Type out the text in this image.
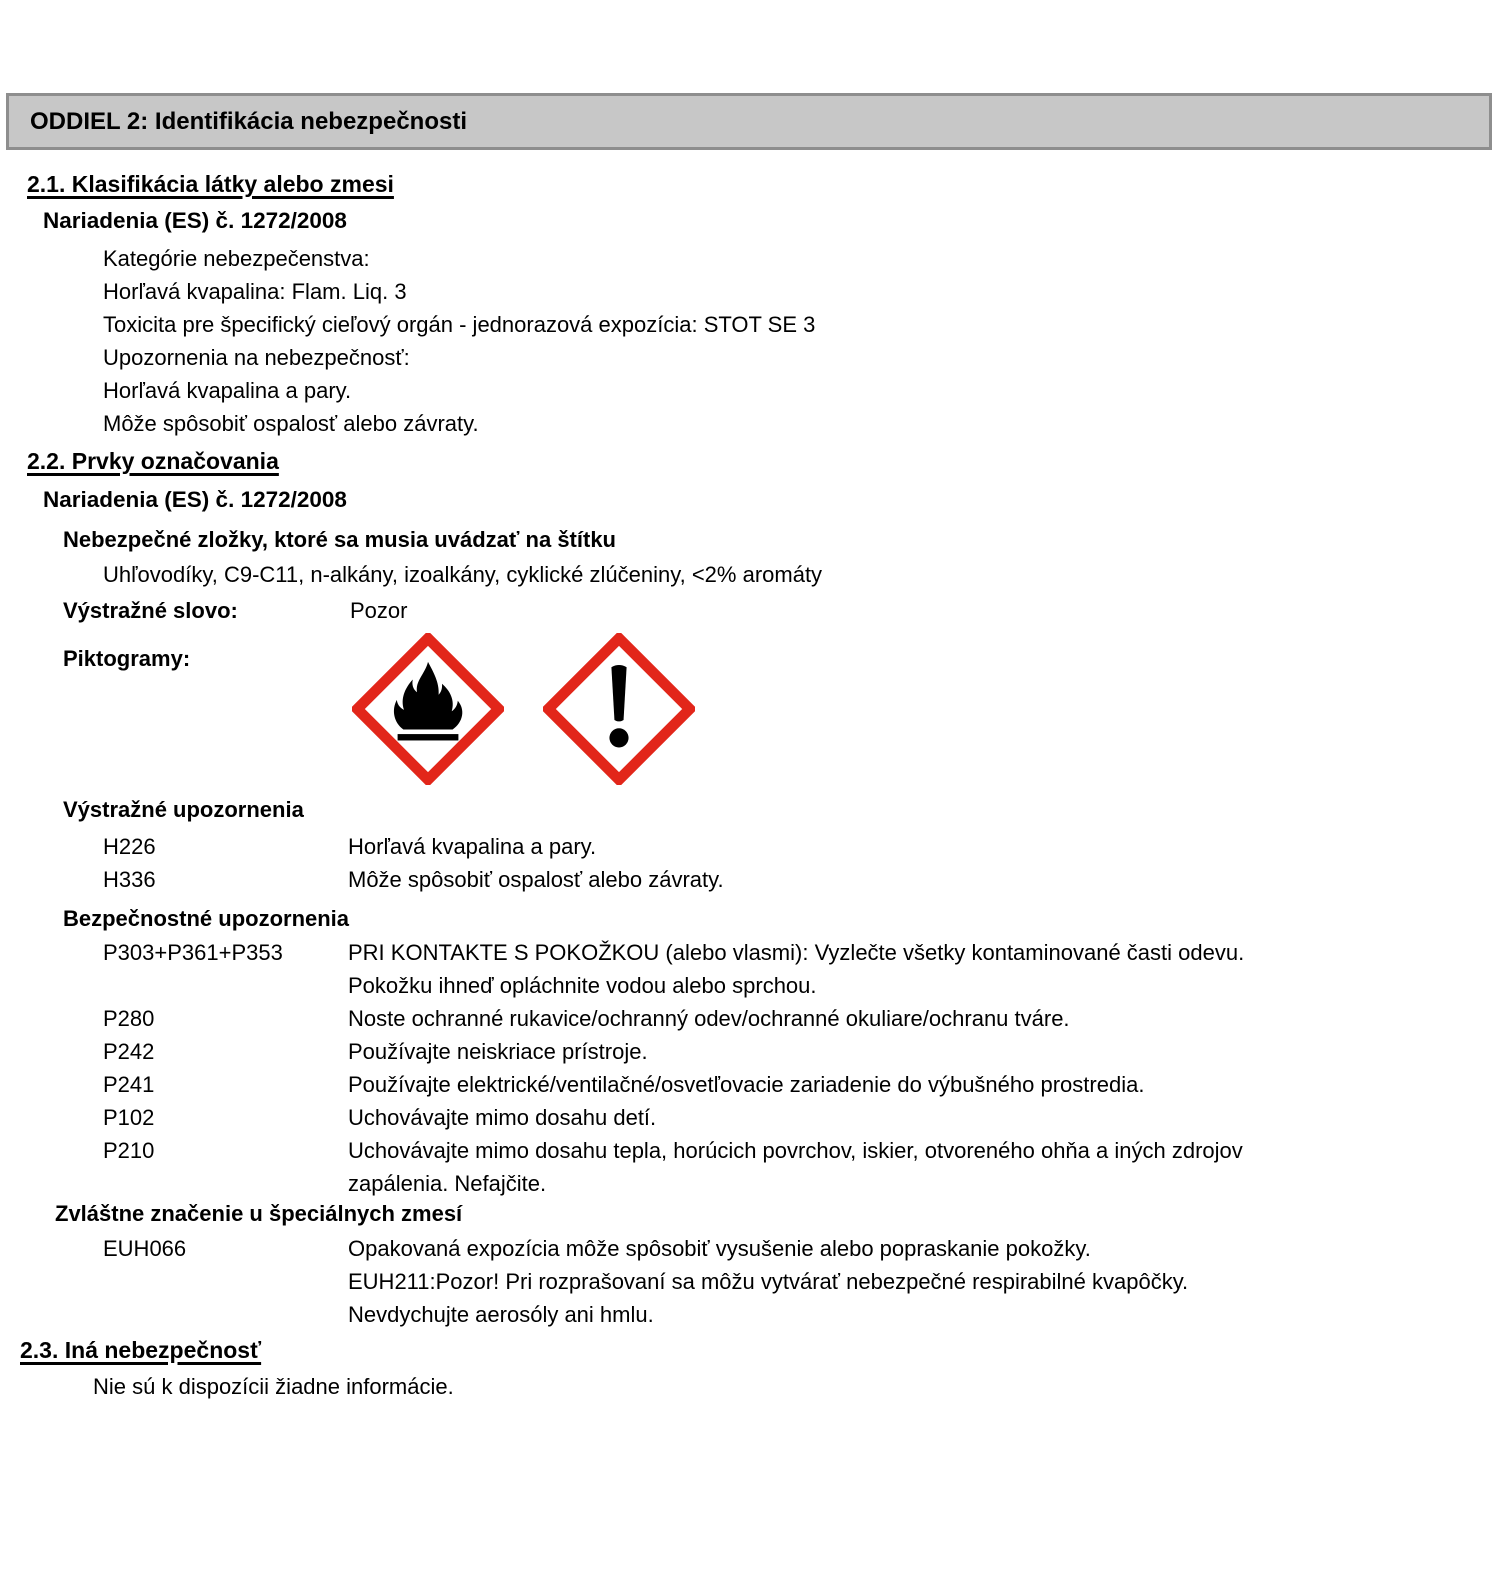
ODDIEL 2: Identifikácia nebezpečnosti
2.1. Klasifikácia látky alebo zmesi
Nariadenia (ES) č. 1272/2008
Kategórie nebezpečenstva:
Horľavá kvapalina: Flam. Liq. 3
Toxicita pre špecifický cieľový orgán - jednorazová expozícia: STOT SE 3
Upozornenia na nebezpečnosť:
Horľavá kvapalina a pary.
Môže spôsobiť ospalosť alebo závraty.
2.2. Prvky označovania
Nariadenia (ES) č. 1272/2008
Nebezpečné zložky, ktoré sa musia uvádzať na štítku
Uhľovodíky, C9-C11, n-alkány, izoalkány, cyklické zlúčeniny, <2% aromáty
Výstražné slovo:	Pozor
Piktogramy:
Výstražné upozornenia
H226	Horľavá kvapalina a pary.
H336	Môže spôsobiť ospalosť alebo závraty.
Bezpečnostné upozornenia
P303+P361+P353	PRI KONTAKTE S POKOŽKOU (alebo vlasmi): Vyzlečte všetky kontaminované časti odevu. Pokožku ihneď opláchnite vodou alebo sprchou.
P280	Noste ochranné rukavice/ochranný odev/ochranné okuliare/ochranu tváre.
P242	Používajte neiskriace prístroje.
P241	Používajte elektrické/ventilačné/osvetľovacie zariadenie do výbušného prostredia.
P102	Uchovávajte mimo dosahu detí.
P210	Uchovávajte mimo dosahu tepla, horúcich povrchov, iskier, otvoreného ohňa a iných zdrojov zapálenia. Nefajčite.
Zvláštne značenie u špeciálnych zmesí
EUH066	Opakovaná expozícia môže spôsobiť vysušenie alebo popraskanie pokožky.
EUH211:Pozor! Pri rozprašovaní sa môžu vytvárať nebezpečné respirabilné kvapôčky.
Nevdychujte aerosóly ani hmlu.
2.3. Iná nebezpečnosť
Nie sú k dispozícii žiadne informácie.
